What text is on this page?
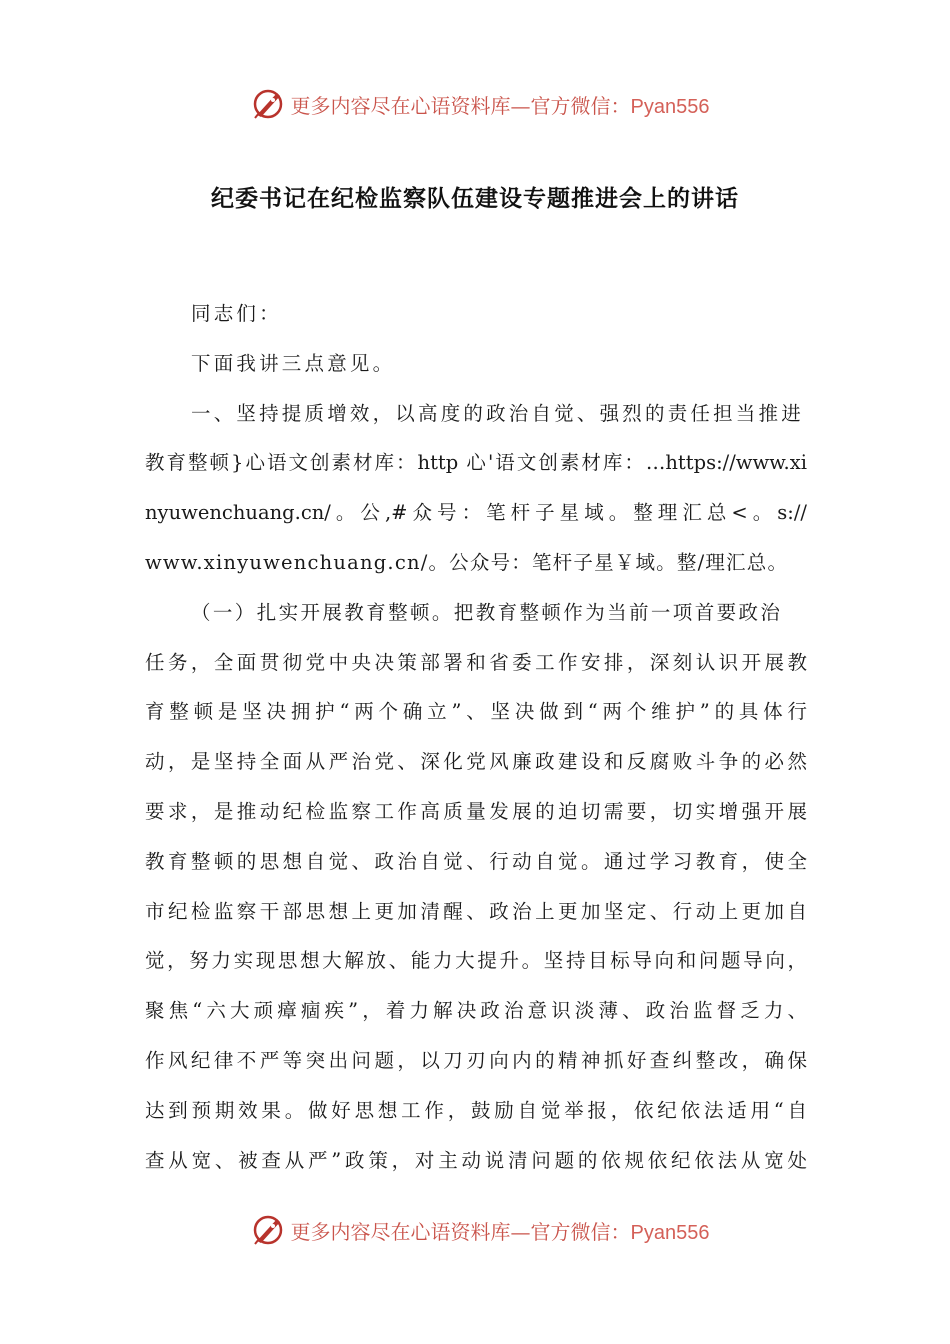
更多内容尽在心语资料库—官方微信：Pyan556
纪委书记在纪检监察队伍建设专题推进会上的讲话
同志们：
下面我讲三点意见。
一、坚持提质增效，以高度的政治自觉、强烈的责任担当推进
教育整顿}心语文创素材库：http 心'语文创素材库：…https://www.xi
nyuwenchuang.cn/。公,#众号：笔杆子星域。整理汇总<。s://
www.xinyuwenchuang.cn/。公众号：笔杆子星￥域。整/理汇总。
（一）扎实开展教育整顿。把教育整顿作为当前一项首要政治
任务，全面贯彻党中央决策部署和省委工作安排，深刻认识开展教
育整顿是坚决拥护“两个确立”、坚决做到“两个维护”的具体行
动，是坚持全面从严治党、深化党风廉政建设和反腐败斗争的必然
要求，是推动纪检监察工作高质量发展的迫切需要，切实增强开展
教育整顿的思想自觉、政治自觉、行动自觉。通过学习教育，使全
市纪检监察干部思想上更加清醒、政治上更加坚定、行动上更加自
觉，努力实现思想大解放、能力大提升。坚持目标导向和问题导向，
聚焦“六大顽瘴痼疾”，着力解决政治意识淡薄、政治监督乏力、
作风纪律不严等突出问题，以刀刃向内的精神抓好查纠整改，确保
达到预期效果。做好思想工作，鼓励自觉举报，依纪依法适用“自
查从宽、被查从严”政策，对主动说清问题的依规依纪依法从宽处
更多内容尽在心语资料库—官方微信：Pyan556
